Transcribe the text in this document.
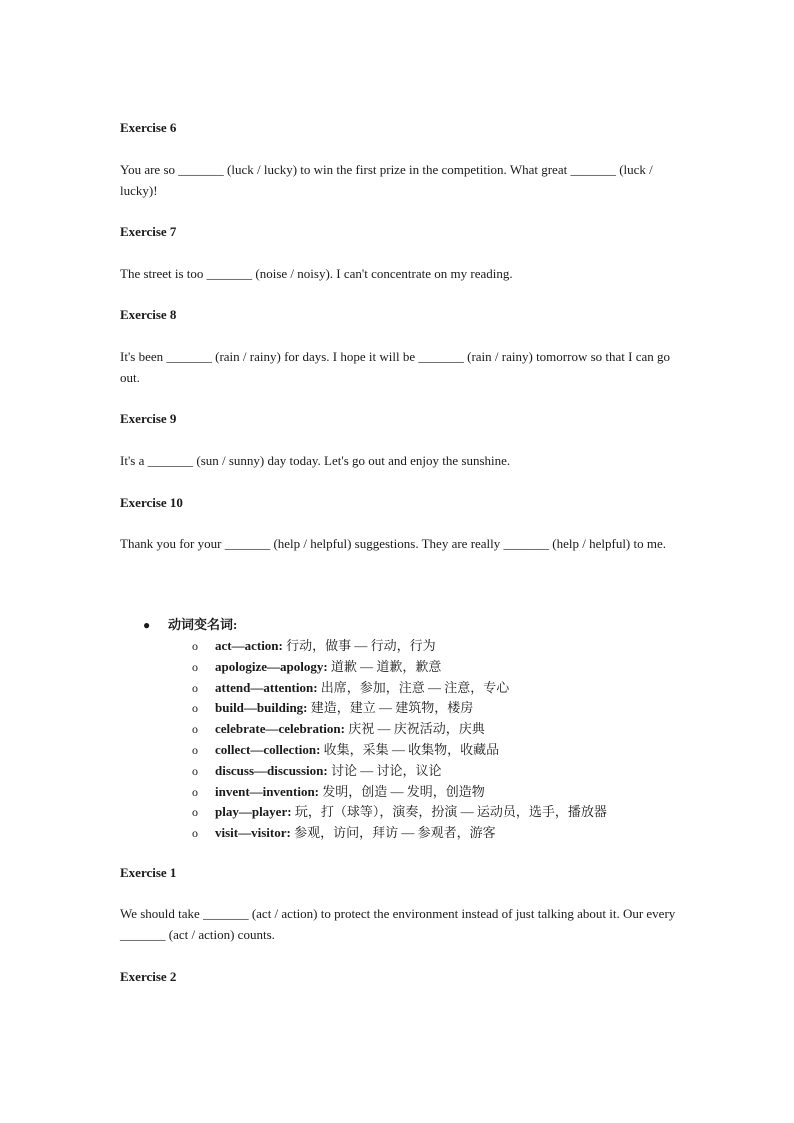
Exercise 6
You are so _______ (luck / lucky) to win the first prize in the competition. What great _______ (luck / lucky)!
Exercise 7
The street is too _______ (noise / noisy). I can't concentrate on my reading.
Exercise 8
It's been _______ (rain / rainy) for days. I hope it will be _______ (rain / rainy) tomorrow so that I can go out.
Exercise 9
It's a _______ (sun / sunny) day today. Let's go out and enjoy the sunshine.
Exercise 10
Thank you for your _______ (help / helpful) suggestions. They are really _______ (help / helpful) to me.
● 动词变名词:
o act—action: 行动，做事 — 行动，行为
o apologize—apology: 道歉 — 道歉，歉意
o attend—attention: 出席，参加，注意 — 注意，专心
o build—building: 建造，建立 — 建筑物，楼房
o celebrate—celebration: 庆祝 — 庆祝活动，庆典
o collect—collection: 收集，采集 — 收集物，收藏品
o discuss—discussion: 讨论 — 讨论，议论
o invent—invention: 发明，创造 — 发明，创造物
o play—player: 玩，打（球等），演奏，扮演 — 运动员，选手，播放器
o visit—visitor: 参观，访问，拜访 — 参观者，游客
Exercise 1
We should take _______ (act / action) to protect the environment instead of just talking about it. Our every _______ (act / action) counts.
Exercise 2
